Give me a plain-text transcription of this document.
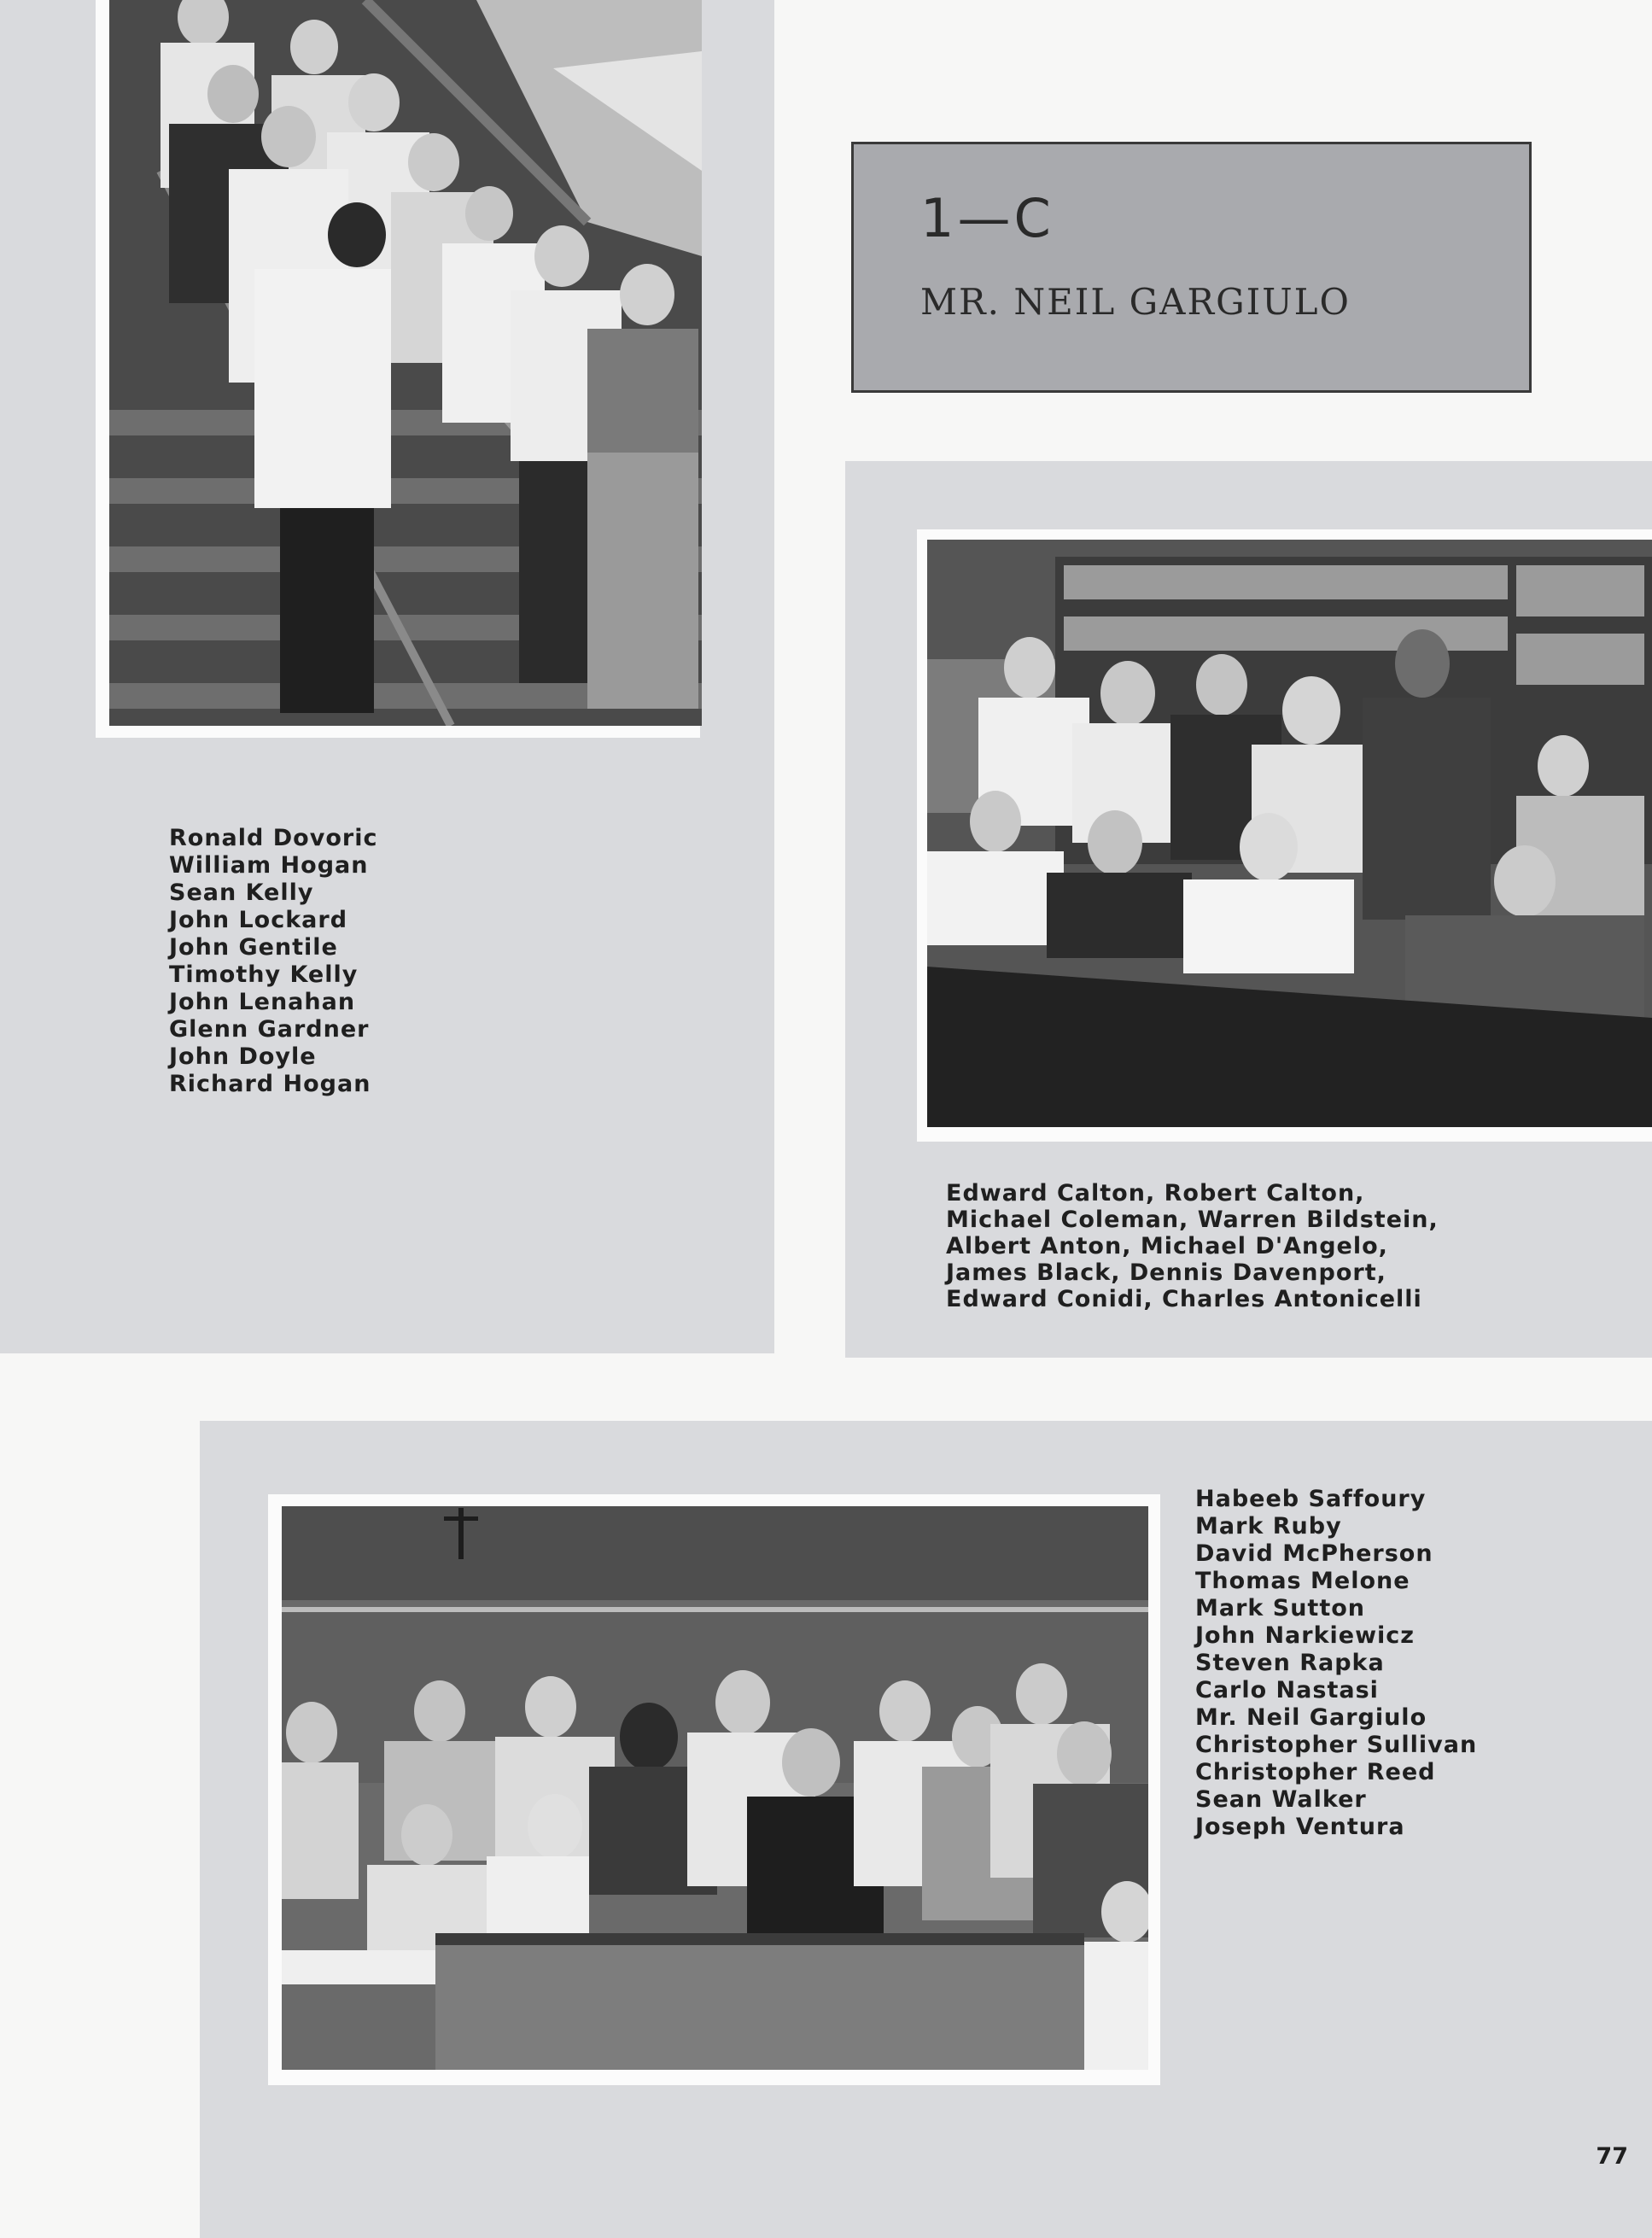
Ronald Dovoric
William Hogan
Sean Kelly
John Lockard
John Gentile
Timothy Kelly
John Lenahan
Glenn Gardner
John Doyle
Richard Hogan
1—C
MR. NEIL GARGIULO
Edward Calton, Robert Calton,
Michael Coleman, Warren Bildstein,
Albert Anton, Michael D'Angelo,
James Black, Dennis Davenport,
Edward Conidi, Charles Antonicelli
Habeeb Saffoury
Mark Ruby
David McPherson
Thomas Melone
Mark Sutton
John Narkiewicz
Steven Rapka
Carlo Nastasi
Mr. Neil Gargiulo
Christopher Sullivan
Christopher Reed
Sean Walker
Joseph Ventura
77
